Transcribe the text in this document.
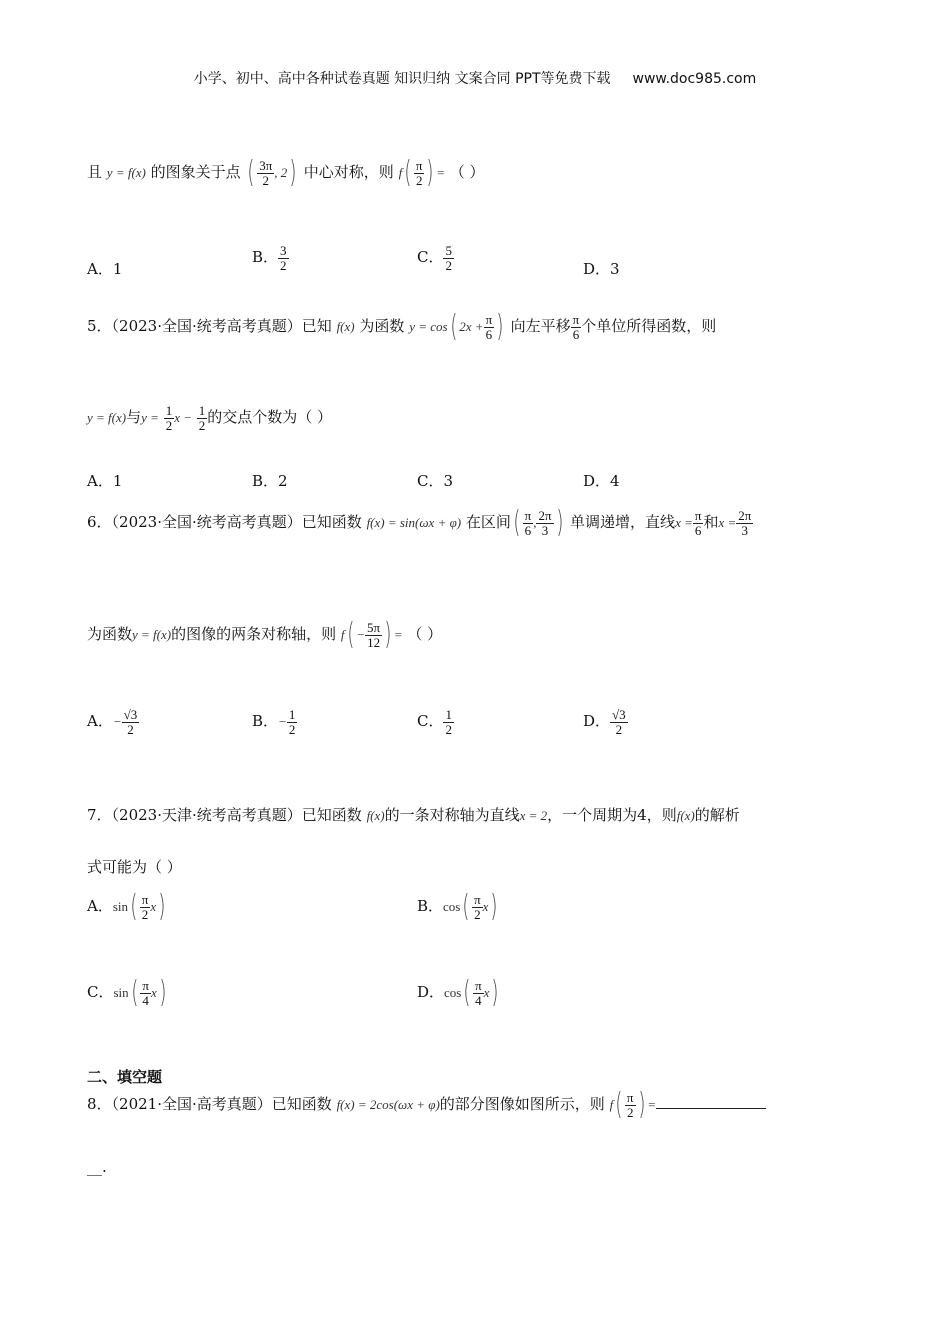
小学、初中、高中各种试卷真题 知识归纳 文案合同 PPT等免费下载 www.doc985.com
且 y = f(x) 的图象关于点 ( $\frac{3\pi}{2}$ , 2) 中心对称，则 $f( \frac{\pi}{2}$ ) = （ ）
A．1
B． $\frac{3}{2}$	C． $\frac{5}{2}$	D．3
5．（2023·全国·统考高考真题）已知 f(x) 为函数 y = cos( $2x + \frac{\pi}{6}$ ) 向左平移 $\frac{\pi}{6}$ 个单位所得函数，则
y = f(x)与$y = \frac{1}{2}$ $x - \frac{1}{2}$ 的交点个数为（ ）
A．1	B．2	C．3	D．4
6．（2023·全国·统考高考真题）已知函数 f(x) = sin(ωx + φ) 在区间( $\frac{\pi}{6}$ , $\frac{2\pi}{3}$ ) 单调递增，直线$x = \frac{\pi}{6}$ 和$x = \frac{2\pi}{3}$
为函数y = f(x)的图像的两条对称轴，则 $f( - \frac{5\pi}{12}$ ) = （ ）
A．− $\frac{√3}{2}$	B．− $\frac{1}{2}$	C． $\frac{1}{2}$	D． $\frac{√3}{2}$
7．（2023·天津·统考高考真题）已知函数 f(x)的一条对称轴为直线x = 2，一个周期为4，则f(x)的解析
式可能为（ ）
A．$\sin( \frac{\pi}{2} x)$	B．$\cos( \frac{\pi}{2} x)$
C．$\sin( \frac{\pi}{4} x)$	D．$\cos( \frac{\pi}{4} x)$
二、填空题
8．（2021·全国·高考真题）已知函数 f(x) = 2cos(ωx + φ)的部分图像如图所示，则 $f( \frac{\pi}{2}$ ) =
__.
